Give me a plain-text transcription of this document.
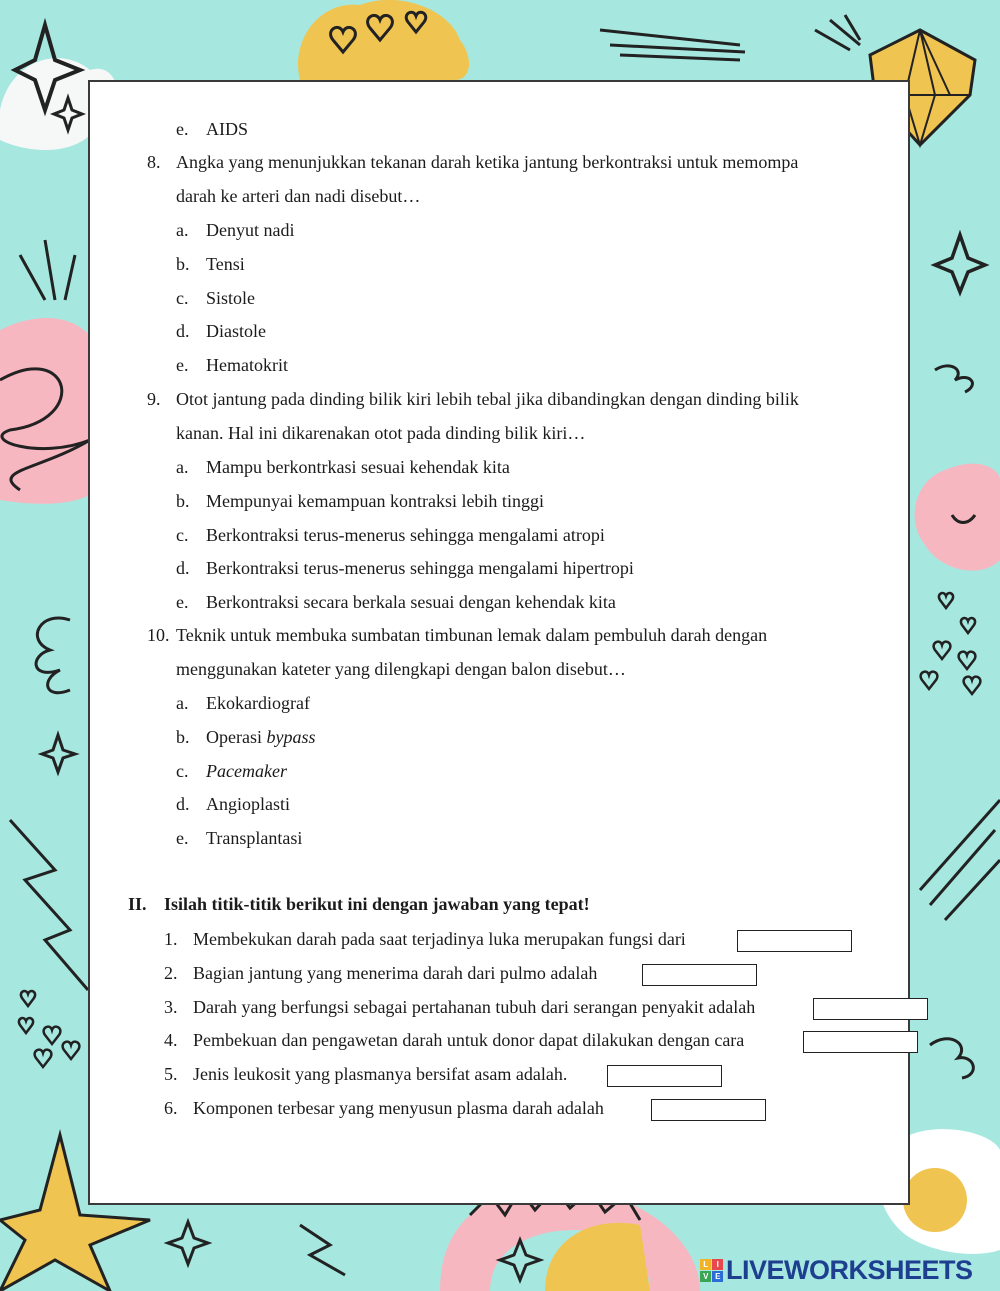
e. AIDS
8. Angka yang menunjukkan tekanan darah ketika jantung berkontraksi untuk memompa
darah ke arteri dan nadi disebut…
a. Denyut nadi
b. Tensi
c. Sistole
d. Diastole
e. Hematokrit
9. Otot jantung pada dinding bilik kiri lebih tebal jika dibandingkan dengan dinding bilik
kanan. Hal ini dikarenakan otot pada dinding bilik kiri…
a. Mampu berkontrkasi sesuai kehendak kita
b. Mempunyai kemampuan kontraksi lebih tinggi
c. Berkontraksi terus-menerus sehingga mengalami atropi
d. Berkontraksi terus-menerus sehingga mengalami hipertropi
e. Berkontraksi secara berkala sesuai dengan kehendak kita
10. Teknik untuk membuka sumbatan timbunan lemak dalam pembuluh darah dengan
menggunakan kateter yang dilengkapi dengan balon disebut…
a. Ekokardiograf
b. Operasi bypass
c. Pacemaker
d. Angioplasti
e. Transplantasi
II. Isilah titik-titik berikut ini dengan jawaban yang tepat!
1. Membekukan darah pada saat terjadinya luka merupakan fungsi dari
2. Bagian jantung yang menerima darah dari pulmo adalah
3. Darah yang berfungsi sebagai pertahanan tubuh dari serangan penyakit adalah
4. Pembekuan dan pengawetan darah untuk donor dapat dilakukan dengan cara
5. Jenis leukosit yang plasmanya bersifat asam adalah.
6. Komponen terbesar yang menyusun plasma darah adalah
L	I
V E LIVEWORKSHEETS
